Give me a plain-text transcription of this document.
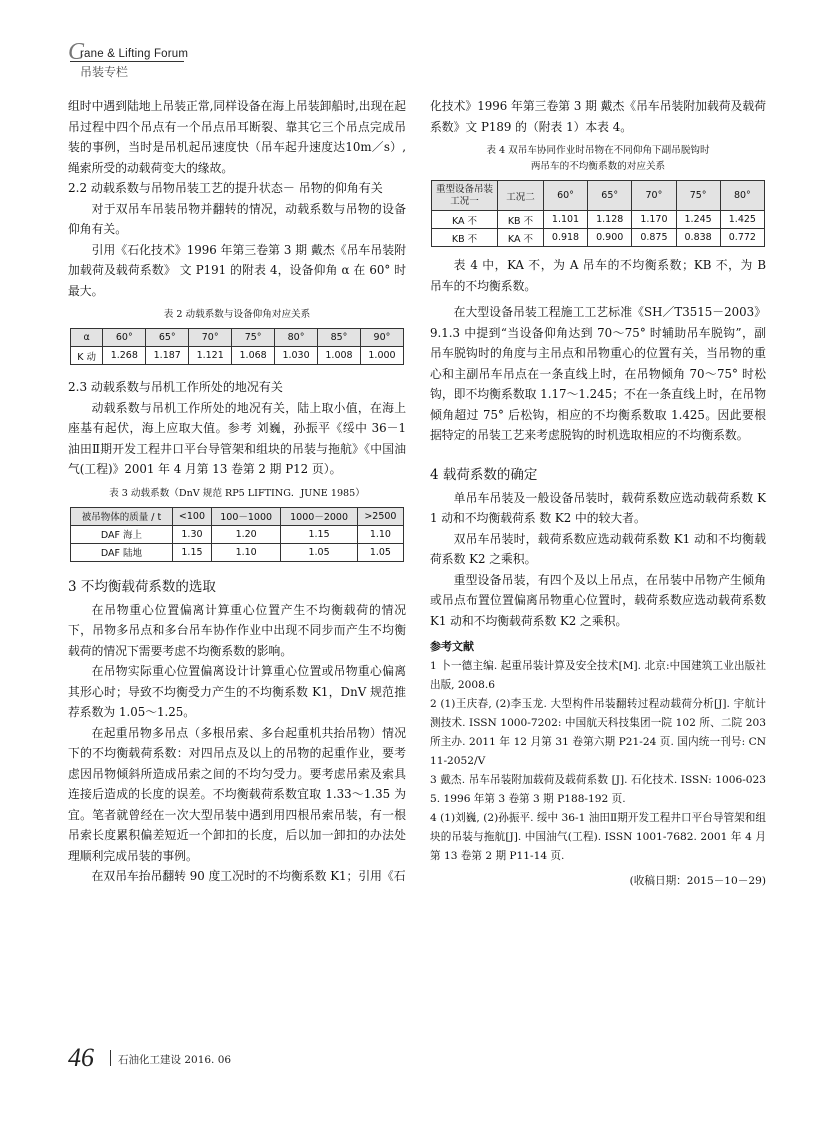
C
rane & Lifting Forum
吊装专栏

组时中遇到陆地上吊装正常,同样设备在海上吊装卸船时,出现在起吊过程中四个吊点有一个吊点吊耳断裂、靠其它三个吊点完成吊装的事例，当时是吊机起吊速度快（吊车起升速度达10m／s）,绳索所受的动载荷变大的缘故。

2.2 动载系数与吊物吊装工艺的提升状态－ 吊物的仰角有关

对于双吊车吊装吊物并翻转的情况，动载系数与吊物的设备仰角有关。

引用《石化技术》1996 年第三卷第 3 期 戴杰《吊车吊装附加载荷及载荷系数》 文 P191 的附表 4，设备仰角 α 在 60° 时最大。

表 2 动载系数与设备仰角对应关系
α	60°	65°	70°	75°	80°	85°	90°
K 动	1.268	1.187	1.121	1.068	1.030	1.008	1.000
2.3 动载系数与吊机工作所处的地况有关

动载系数与吊机工作所处的地况有关，陆上取小值，在海上座基有起伏，海上应取大值。参考 刘巍，孙振平《绥中 36－1 油田Ⅱ期开发工程井口平台导管架和组块的吊装与拖航》《中国油气(工程)》2001 年 4 月第 13 卷第 2 期 P12 页）。

表 3 动载系数（DnV 规范 RP5 LIFTING．JUNE 1985）
被吊物体的质量 / t	<100	100－1000	1000－2000	>2500
DAF 海上	1.30	1.20	1.15	1.10
DAF 陆地	1.15	1.10	1.05	1.05
3 不均衡载荷系数的选取

在吊物重心位置偏离计算重心位置产生不均衡载荷的情况下，吊物多吊点和多台吊车协作作业中出现不同步而产生不均衡载荷的情况下需要考虑不均衡系数的影响。

在吊物实际重心位置偏离设计计算重心位置或吊物重心偏离其形心时；导致不均衡受力产生的不均衡系数 K1，DnV 规范推荐系数为 1.05～1.25。

在起重吊物多吊点（多根吊索、多台起重机共抬吊物）情况下的不均衡载荷系数：对四吊点及以上的吊物的起重作业，要考虑因吊物倾斜所造成吊索之间的不均匀受力。要考虑吊索及索具连接后造成的长度的误差。不均衡载荷系数宜取 1.33～1.35 为宜。笔者就曾经在一次大型吊装中遇到用四根吊索吊装，有一根吊索长度累积偏差短近一个卸扣的长度，后以加一卸扣的办法处理顺利完成吊装的事例。

在双吊车抬吊翻转 90 度工况时的不均衡系数 K1；引用《石

化技术》1996 年第三卷第 3 期 戴杰《吊车吊装附加载荷及载荷系数》文 P189 的（附表 1）本表 4。

表 4 双吊车协同作业时吊物在不同仰角下副吊脱钩时
两吊车的不均衡系数的对应关系
重型设备吊装工况一	工况二	60°	65°	70°	75°	80°
KA 不	KB 不	1.101	1.128	1.170	1.245	1.425
KB 不	KA 不	0.918	0.900	0.875	0.838	0.772

表 4 中，KA 不，为 A 吊车的不均衡系数；KB 不，为 B 吊车的不均衡系数。

在大型设备吊装工程施工工艺标准《SH／T3515－2003》9.1.3 中提到“当设备仰角达到 70～75° 时辅助吊车脱钩”，副吊车脱钩时的角度与主吊点和吊物重心的位置有关，当吊物的重心和主副吊车吊点在一条直线上时，在吊物倾角 70～75° 时松钩，即不均衡系数取 1.17～1.245；不在一条直线上时，在吊物倾角超过 75° 后松钩，相应的不均衡系数取 1.425。因此要根据特定的吊装工艺来考虑脱钩的时机选取相应的不均衡系数。

4 载荷系数的确定

单吊车吊装及一般设备吊装时，载荷系数应选动载荷系数 K1 动和不均衡载荷系 数 K2 中的较大者。

双吊车吊装时，载荷系数应选动载荷系数 K1 动和不均衡载荷系数 K2 之乘积。

重型设备吊装，有四个及以上吊点，在吊装中吊物产生倾角或吊点布置位置偏离吊物重心位置时，载荷系数应选动载荷系数 K1 动和不均衡载荷系数 K2 之乘积。

参考文献

1 卜一德主编. 起重吊装计算及安全技术[M]. 北京:中国建筑工业出版社出版, 2008.6

2 (1)王庆春, (2)李玉龙. 大型构件吊装翻转过程动载荷分析[J]. 宇航计测技术. ISSN 1000-7202: 中国航天科技集团一院 102 所、二院 203 所主办. 2011 年 12 月第 31 卷第六期 P21-24 页. 国内统一刊号: CN11-2052/V

3 戴杰. 吊车吊装附加载荷及载荷系数 [J]. 石化技术. ISSN: 1006-0235. 1996 年第 3 卷第 3 期 P188-192 页.

4 (1)刘巍, (2)孙振平. 绥中 36-1 油田Ⅱ期开发工程井口平台导管架和组块的吊装与拖航[J]. 中国油气(工程). ISSN 1001-7682. 2001 年 4 月第 13 卷第 2 期 P11-14 页.

(收稿日期：2015－10－29)
46 石油化工建设 2016. 06
